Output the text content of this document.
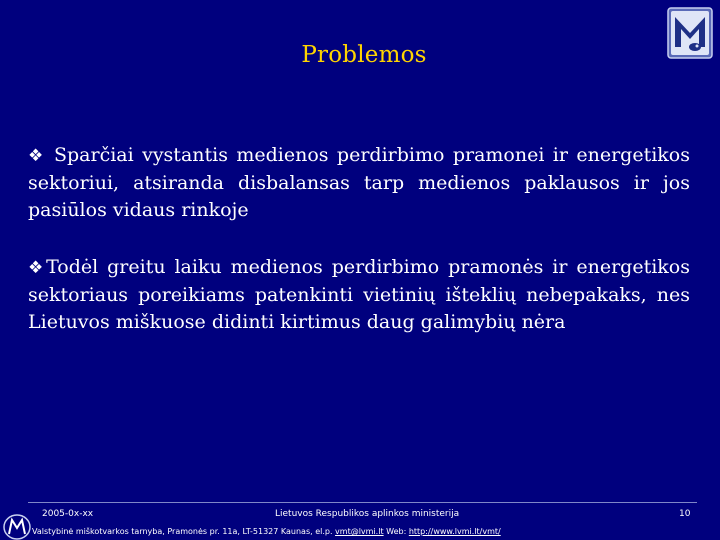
Problemos
❖ Sparčiai vystantis medienos perdirbimo pramonei ir energetikos sektoriui, atsiranda disbalansas tarp medienos paklausos ir jos pasiūlos vidaus rinkoje
❖Todėl greitu laiku medienos perdirbimo pramonės ir energetikos sektoriaus poreikiams patenkinti vietinių išteklių nebepakaks, nes Lietuvos miškuose didinti kirtimus daug galimybių nėra
2005-0x-xx	Lietuvos Respublikos aplinkos ministerija	10
Valstybinė miškotvarkos tarnyba, Pramonės pr. 11a, LT-51327 Kaunas, el.p. vmt@lvmi.lt Web: http://www.lvmi.lt/vmt/
